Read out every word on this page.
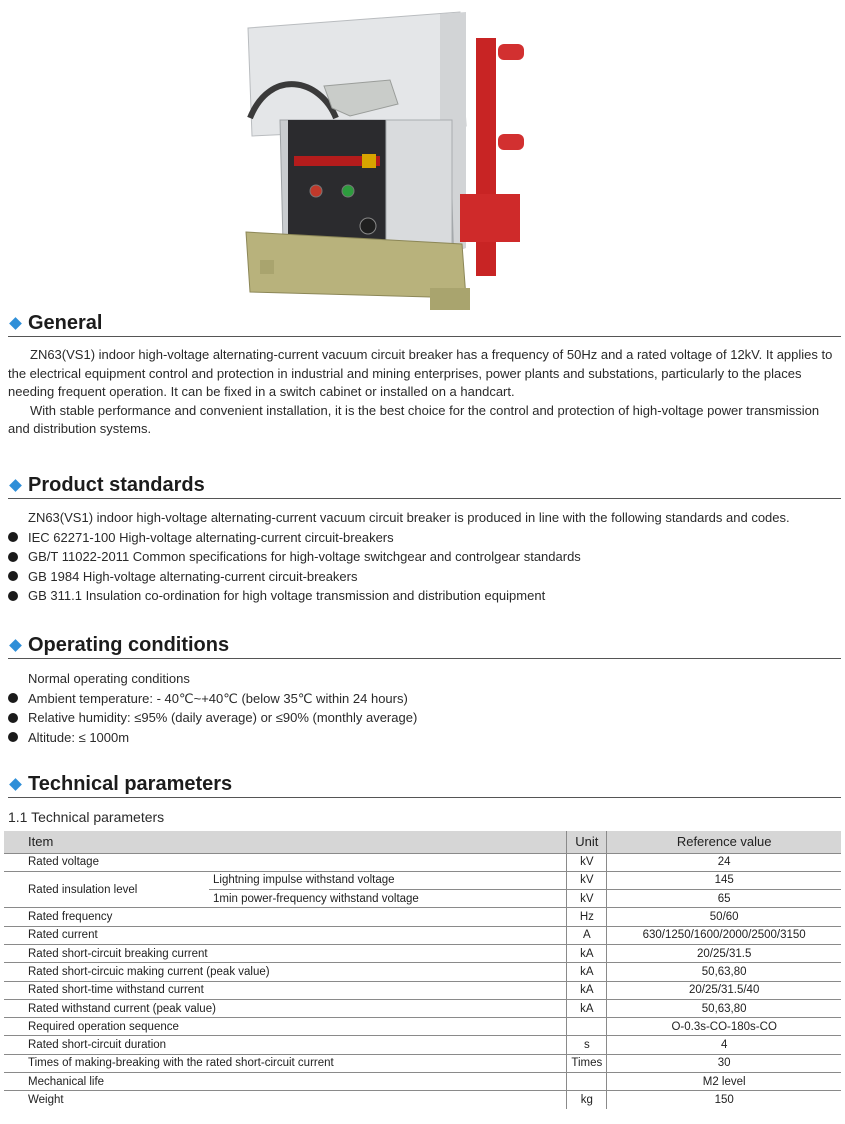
General

ZN63(VS1) indoor high-voltage alternating-current vacuum circuit breaker has a frequency of 50Hz and a rated voltage of 12kV. It applies to the electrical equipment control and protection in industrial and mining enterprises, power plants and substations, particularly to the places needing frequent operation. It can be fixed in a switch cabinet or installed on a handcart.

With stable performance and convenient installation, it is the best choice for the control and protection of high-voltage power transmission and distribution systems.

Product standards

ZN63(VS1) indoor high-voltage alternating-current vacuum circuit breaker is produced in line with the following standards and codes.

IEC 62271-100 High-voltage alternating-current circuit-breakers
GB/T 11022-2011 Common specifications for high-voltage switchgear and controlgear standards
GB 1984 High-voltage alternating-current circuit-breakers
GB 311.1 Insulation co-ordination for high voltage transmission and distribution equipment
Operating conditions

Normal operating conditions

Ambient temperature: - 40℃~+40℃ (below 35℃ within 24 hours)
Relative humidity: ≤95% (daily average) or ≤90% (monthly average)
Altitude: ≤ 1000m
Technical parameters
1.1 Technical parameters
Item		Unit	Reference value
Rated voltage		kV	24
Rated insulation level	Lightning impulse withstand voltage	kV	145
	1min power-frequency withstand voltage	kV	65
Rated frequency		Hz	50/60
Rated current		A	630/1250/1600/2000/2500/3150
Rated short-circuit breaking current		kA	20/25/31.5
Rated short-circuic making current (peak value)		kA	50,63,80
Rated short-time withstand current		kA	20/25/31.5/40
Rated withstand current (peak value)		kA	50,63,80
Required operation sequence			O-0.3s-CO-180s-CO
Rated short-circuit duration		s	4
Times of making-breaking with the rated short-circuit current		Times	30
Mechanical life			M2 level
Weight		kg	150
